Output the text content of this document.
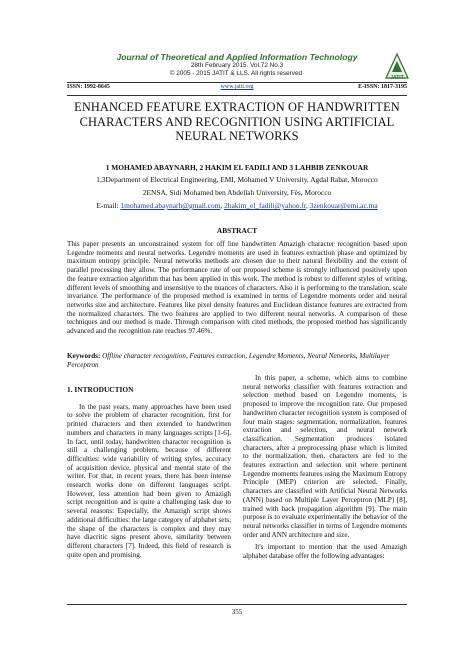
Journal of Theoretical and Applied Information Technology
28th February 2015. Vol.72 No.3
© 2005 - 2015 JATIT & LLS. All rights reserved·
JATIT
ISSN: 1992-8645	www.jatit.org	E-ISSN: 1817-3195
ENHANCED FEATURE EXTRACTION OF HANDWRITTEN
CHARACTERS AND RECOGNITION USING ARTIFICIAL
NEURAL NETWORKS
1 MOHAMED ABAYNARH, 2 HAKIM EL FADILI AND 3 LAHBIB ZENKOUAR
1,3Department of Electrical Engineering, EMI, Mohamed V University, Agdal Rabat, Morocco
2ENSA, Sidi Mohamed ben Abdellah University, Fès, Morocco
E-mail: 1mohamed.abaynarh@gmail.com, 2hakim_el_fadili@yahoo.fr, 3zenkouar@emi.ac.ma
ABSTRACT
This paper presents an unconstrained system for off line handwritten Amazigh character recognition based upon Legendre moments and neural networks. Legendre moments are used in features extraction phase and optimized by maximum entropy principle. Neural networks methods are chosen due to their natural flexibility and the extent of parallel processing they allow. The performance rate of our proposed scheme is strongly influenced positively upon the feature extraction algorithm that has been applied in this work. The method is robust to different styles of writing, different levels of smoothing and insensitive to the nuances of characters. Also it is performing to the translation, scale invariance. The performance of the proposed method is examined in terms of Legendre moments order and neural networks size and architecture. Features like pixel density features and Euclidean distance features are extracted from the normalized characters. The two features are applied to two different neural networks. A comparison of these techniques and our method is made. Through comparison with cited methods, the proposed method has significantly advanced and the recognition rate reaches 97.46%.
Keywords: Offline character recognition, Features extraction, Legendre Moments, Neural Networks, Multilayer Perceptron
1. INTRODUCTION

In the past years, many approaches have been used to solve the problem of character recognition, first for printed characters and then extended to handwritten numbers and characters in many languages scripts [1-6]. In fact, until today, handwritten character recognition is still a challenging problem, because of different difficulties: wide variability of writing styles, accuracy of acquisition device, physical and mental state of the writer. For that, in recent years, there has been intense research works done on different languages script. However, less attention had been given to Amazigh script recognition and is quite a challenging task due to several reasons: Especially, the Amazigh script shows additional difficulties: the large category of alphabet sets, the shape of the characters is complex and they may have diacritic signs present above, similarity between different characters [7]. Indeed, this field of research is quite open and promising.

In this paper, a scheme, which aims to combine neural networks classifier with features extraction and selection method based on Legendre moments, is proposed to improve the recognition rate. Our proposed handwritten character recognition system is composed of four main stages: segmentation, normalization, features extraction and selection, and neural network classification. Segmentation produces isolated characters, after a preprocessing phase which is limited to the normalization, then, characters are fed to the features extraction and selection unit where pertinent Legendre moments features using the Maximum Entropy Principle (MEP) criterion are selected. Finally, characters are classified with Artificial Neural Networks (ANN) based on Multiple Layer Perceptron (MLP) [8], trained with back propagation algorithm [9]. The main purpose is to evaluate experimentally the behavior of the neural networks classifier in terms of Legendre moments order and ANN architecture and size.

It's important to mention that the used Amazigh alphabet database offer the following advantages:

355
